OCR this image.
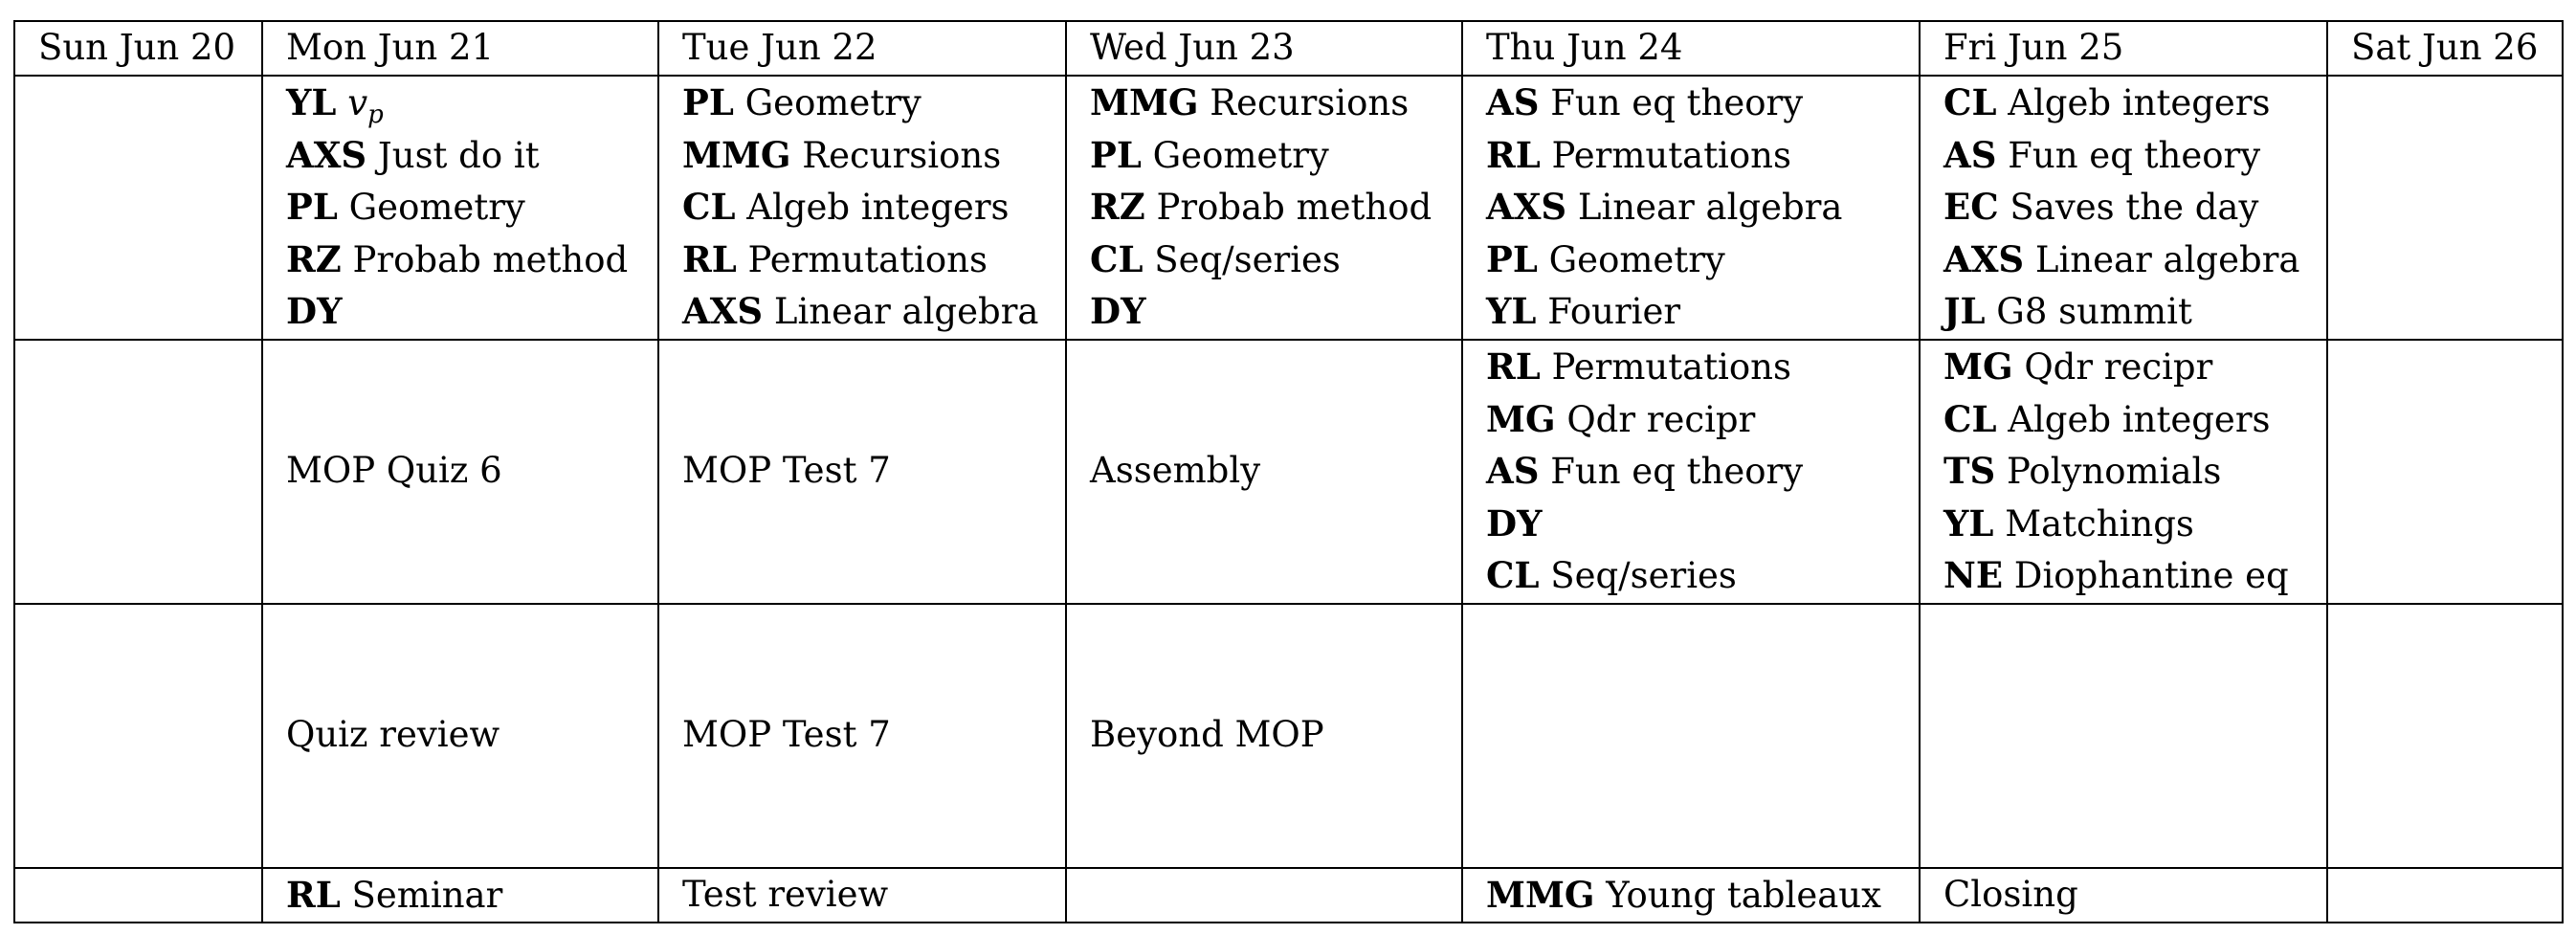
Sun Jun 20	Mon Jun 21	Tue Jun 22	Wed Jun 23	Thu Jun 24	Fri Jun 25	Sat Jun 26

	YL $v_p$
AXS Just do it
PL Geometry
RZ Probab method
DY	PL Geometry
MMG Recursions
CL Algeb integers
RL Permutations
AXS Linear algebra	MMG Recursions
PL Geometry
RZ Probab method
CL Seq/series
DY	AS Fun eq theory
RL Permutations
AXS Linear algebra
PL Geometry
YL Fourier	CL Algeb integers
AS Fun eq theory
EC Saves the day
AXS Linear algebra
JL G8 summit	

	MOP Quiz 6	MOP Test 7	Assembly	RL Permutations
MG Qdr recipr
AS Fun eq theory
DY
CL Seq/series	MG Qdr recipr
CL Algeb integers
TS Polynomials
YL Matchings
NE Diophantine eq	

	Quiz review	MOP Test 7	Beyond MOP			

	RL Seminar	Test review		MMG Young tableaux	Closing	
